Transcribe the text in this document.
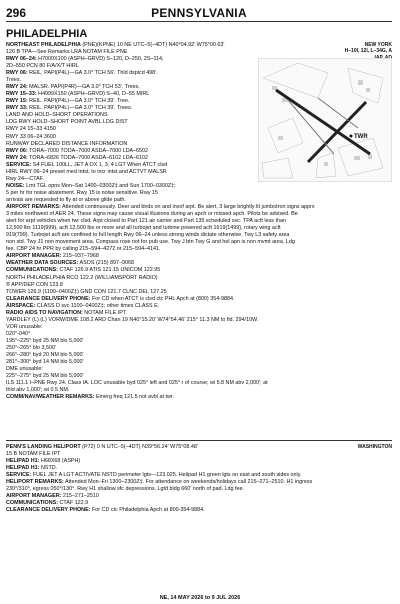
296	PENNSYLVANIA
PHILADELPHIA

NORTHEAST PHILADELPHIA (PNE)(KPNE) 10 NE UTC–5(–4DT) N40°04.92′ W75°00.63′

120 B TPA—See Remarks LRA NOTAM FILE PNE

NEW YORK
H–10I, 12I, L–34G, A

RWY 06–24: H7000X100 (ASPH–GRVD) S–120, D–250, 2S–114,

2D–550 PCN 80 F/A/X/T HIRL

RWY 06: REIL. PAPI(P4L)—GA 3.0° TCH 56′. Thld dsplcd 498′.

Trees.

RWY 24: MALSR. PAPI(P4R)—GA 3.0° TCH 53′. Trees.

RWY 15–33: H4999X150 (ASPH–GRVD) S–40, D–55 MIRL

RWY 15: REIL. PAPI(P4L)—GA 3.0° TCH 39′. Tree.

RWY 33: REIL. PAPI(P4L)—GA 3.0° TCH 39′. Trees.

LAND AND HOLD–SHORT OPERATIONS

LDG RWY HOLD–SHORT POINT AVBL LDG DIST

RWY 24 15–33 4150

RWY 33 06–24 3600

RUNWAY DECLARED DISTANCE INFORMATION

RWY 06: TORA–7000 TODA–7000 ASDA–7000 LDA–6502

RWY 24: TORA–6826 TODA–7000 ASDA–6102 LDA–6102

SERVICE: S4 FUEL 100LL, JET A OX 1, 3, 4 LGT When ATCT clsd

HIRL RWY 06–24 preset med intst, to incr intst and ACTVT MALSR

Rwy 24—CTAF.

NOISE: Lmt TGL opns Mon–Sat 1400–0300Z‡ and Sun 1700–0300Z‡;

5 per hr for noise abatement. Rwy 15 is noise sensitive. Rwy 15

arrivals are requested to fly at or above glide path.

AIRPORT REMARKS: Attended continuously. Deer and birds on and invof arpt. Be alert, 3 large brightly lit jumbotron signs apprx

3 miles northwest of AER 24. These signs may cause visual illusions during an apch or missed apch. Pilots be advised. Be

alert for arpt vehicles when twr clsd. Arpt closed to Part 121 air carrier and Part 135 scheduled svc. TPA acft less than

12,500 lbs 1119(999), acft 12,500 lbs or more and all turbojet and turbine powered acft 1619(1499), rotary wing acft

919(799). Turbojet acft are confined to full length Rwy 06–24 unless strong winds dictate otherwise. Twy L3 safety area

non std. Twy J1 non movement area. Compass rose not for pub use. Twy J btn Twy G and hel apn is non mvmt area. Ldg

fee. CBP 24 hr PPR by calling 215–594–4272 or 215–594–4141.

AIRPORT MANAGER: 215–937–7968

WEATHER DATA SOURCES: ASOS (215) 897–9068

COMMUNICATIONS: CTAF 126.9 ATIS 121.15 UNICOM 122.95

NORTH PHILADELPHIA RCO 122.2 (WILLIAMSPORT RADIO)

® APP/DEP CON 123.8

TOWER 126.9 (1100–0400Z‡) GND CON 121.7 CLNC DEL 127.25

CLEARANCE DELIVERY PHONE: For CD when ATCT is clsd ctc PHL Apch at (800) 354-9884.

AIRSPACE: CLASS D svc 1100–0400Z‡; other times CLASS E.

RADIO AIDS TO NAVIGATION: NOTAM FILE IPT.

YARDLEY (L) (L) VORW/DME 108.2 ARD Chan 19 N40°15.20′ W74°54.46′ 215° 11.3 NM to fld. 294/10W.

VOR unusable:

020°-040°

195°–225° byd 25 NM blo 5,000′

250°–265° blo 3,500′

266°–280° byd 20 NM blo 5,000′

281°–300° byd 14 NM blo 5,000′

DME unusable:

225°–275° byd 25 NM blo 5,000′

ILS 111.1 I–PNE Rwy 24. Class IA. LOC unusable byd 025° left and 025° r of course; wi 5.8 NM abv 2,000′; at

thld abv 1,000′; wi 0.5 NM.

COMM/NAV/WEATHER REMARKS: Emerg freq 121.5 not avbl at twr.

TWR

PENN'S LANDING HELIPORT (P72) 0 N UTC–5(–4DT) N39°56.24′ W75°08.48′	WASHINGTON

15 B NOTAM FILE IPT

HELIPAD H1: H68X68 (ASPH)

HELIPAD H1: NSTD.

SERVICE: FUEL JET A LGT ACTIVATE NSTD perimeter lgts—123.025. Helipad H1 green lgts on east and south sides only.

HELIPORT REMARKS: Attended Mon–Fri 1300–2300Z‡. For attendance on weekends/holidays call 215–271–2510. H1 ingress

230°/310°, egress 050°/130°. Rwy H1 shallow sfc depressions. Lgtd bldg 660′ north of pad. Ldg fee.

AIRPORT MANAGER: 215–271–2510

COMMUNICATIONS: CTAF 122.9

CLEARANCE DELIVERY PHONE: For CD ctc Philadelphia Apch at 800-354-9884.

NE, 14 MAY 2026 to 9 JUL 2026
